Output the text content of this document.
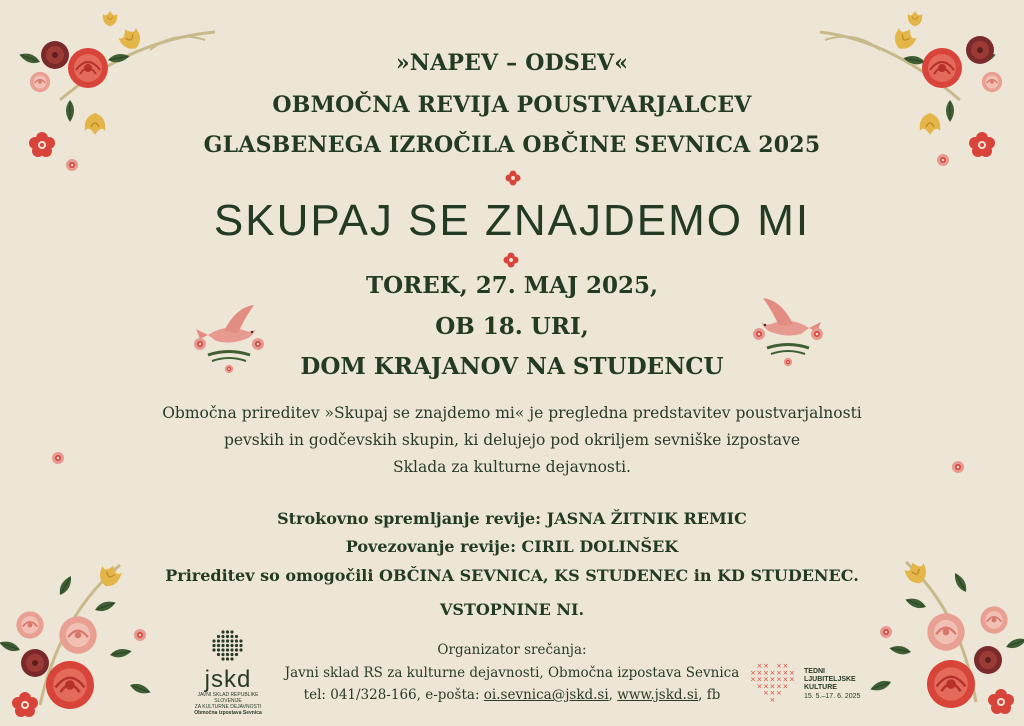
»NAPEV – ODSEV«
OBMOČNA REVIJA POUSTVARJALCEV
GLASBENEGA IZROČILA OBČINE SEVNICA 2025
SKUPAJ SE ZNAJDEMO MI
TOREK, 27. MAJ 2025,
OB 18. URI,
DOM KRAJANOV NA STUDENCU
Območna prireditev »Skupaj se znajdemo mi« je pregledna predstavitev poustvarjalnosti
pevskih in godčevskih skupin, ki delujejo pod okriljem sevniške izpostave
Sklada za kulturne dejavnosti.
Strokovno spremljanje revije: JASNA ŽITNIK REMIC
Povezovanje revije: CIRIL DOLINŠEK
Prireditev so omogočili OBČINA SEVNICA, KS STUDENEC in KD STUDENEC.
VSTOPNINE NI.
Organizator srečanja:
Javni sklad RS za kulturne dejavnosti, Območna izpostava Sevnica
tel: 041/328-166, e-pošta: oi.sevnica@jskd.si, www.jskd.si, fb
jskd
JAVNI SKLAD REPUBLIKE SLOVENIJE
ZA KULTURNE DEJAVNOSTI
Območna izpostava Sevnica
× × × ×
× × × × × × ×
× × × × × × ×
× × × × ×
× × ×
×
TEDNI
LJUBITELJSKE
KULTURE
15. 5.–17. 6. 2025
